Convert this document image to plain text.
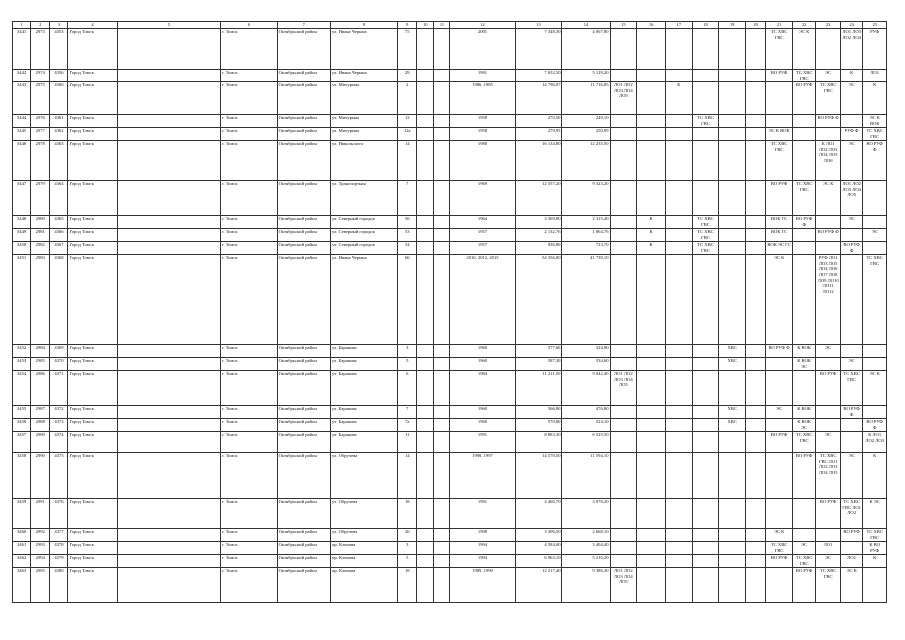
1	2	3	4	5	6	7	8	9	10	11	12	13	14	15	16	17	18	19	20	21	22	23	24	25
3441	2973	4353	Город Томск		г. Томск	Октябрьский район	ул. Ивана Черных	75			2001	7 348,30	4 067,80							ТС ХВС ГВС	ЭС К		ЛО1 ЛО3 ЛО2 ЛО4	РУФ
3442	2974	4356	Город Томск		г. Томск	Октябрьский район	ул. Ивана Черных	29			1991	7 652,50	5 129,20							ВО РУФ	ТС ХВС ГВС	ЭС	К	ЛО1
3443	2975	4360	Город Томск		г. Томск	Октябрьский район	ул. Мичурина	2			1986, 1985	14 796,07	11 716,85	ЛО1 ЛО2 ЛО3 ЛО4 ЛО5		К					ВО РУФ	ТС ХВС ГВС	ЭС	К
3444	2976	4361	Город Томск		г. Томск	Октябрьский район	ул. Мичурина	12			1958	270,50	249,10				ТС ХВС ГВС					ВО РУФ Ф		ЭС К ВОК
3445	2977	4362	Город Томск		г. Томск	Октябрьский район	ул. Мичурина	12а			1958	279,95	250,99							ЭС К ВОК			РУФ Ф	ТС ХВС ГВС
3446	2978	4363	Город Томск		г. Томск	Октябрьский район	ул. Никольского	14			1980	16 134,80	12 235,50							ТС ХВС ГВС		К ЛО1 ЛО2 ЛО3 ЛО4 ЛО5 ЛО6	ЭС	ВО РУФ Ф
3447	2979	4364	Город Томск		г. Томск	Октябрьский район	ул. Транспортная	7			1969	12 557,20	9 323,20							ВО РУФ	ТС ХВС ГВС	ЭС К	ЛО1 ЛО2 ЛО3 ЛО4 ЛО5	
3448	2980	4365	Город Томск		г. Томск	Октябрьский район	ул. Северный городок	56			1964	3 369,80	2 315,40		К		ТС ХВС ГВС			ВОК ГС	ВО РУФ Ф		ЭС	
3449	2981	4366	Город Томск		г. Томск	Октябрьский район	ул. Северный городок	53			1957	2 132,76	1 864,76		К		ТС ХВС ГВС			ВОК ГС		ВО РУФ Ф		ЭС
3450	2982	4367	Город Томск		г. Томск	Октябрьский район	ул. Северный городок	54			1957	836,80	723,70		К		ТС ХВС ГВС			ВОК ЭС ГС			ВО РУФ Ф	
3451	2983	4368	Город Томск		г. Томск	Октябрьский район	ул. Ивана Черных	66			2010, 2012, 2015	54 356,00	41 739,10							ЭС К		РУФ ЛО1 ЛО3 ЛО5 ЛО4 ЛО6 ЛО7 ЛО8 ЛО9 ЛО10 ЛО11 ЛО12		ТС ХВС ГВС
3452	2984	4369	Город Томск		г. Томск	Октябрьский район	ул. Баранова	3			1960	577,60	524,90					ХВС		ВО РУФ Ф	К ВОК	ЭС		
3453	2985	4370	Город Томск		г. Томск	Октябрьский район	ул. Баранова	5			1960	587,30	534,60					ХВС			К ВОК ЭС		ЭС	
3454	2986	4371	Город Томск		г. Томск	Октябрьский район	ул. Баранова	6			1984	11 211,50	9 042,40	ЛО1 ЛО2 ЛО3 ЛО4 ЛО5								ВО РУФ	ТС ХВС ГВС	ЭС К
3455	2987	4372	Город Томск		г. Томск	Октябрьский район	ул. Баранова	7			1960	566,80	476,80					ХВС		ЭС	К ВОК		ВО РУФ Ф	
3456	2988	4373	Город Томск		г. Томск	Октябрьский район	ул. Баранова	7а			1960	570,80	524,10					ХВС			К ВОК ЭС			ВО РУФ Ф
3457	2989	4374	Город Томск		г. Томск	Октябрьский район	ул. Баранова	11			1991	8 883,30	6 525,50							ВО РУФ	ТС ХВС ГВС	ЭС		К ЛО1 ЛО2 ЛО3
3458	2990	4375	Город Томск		г. Томск	Октябрьский район	ул. Обручева	14			1998, 1997	14 570,50	11 594,10								ВО РУФ	ТС ХВС ГВС ЛО1 ЛО2 ЛО3 ЛО4 ЛО5	ЭС	К
3459	2991	4376	Город Томск		г. Томск	Октябрьский район	ул. Обручева	18			1991	4 460,70	3 078,20									ВО РУФ	ТС ХВС ГВС ЛО1 ЛО2	К ЭС
3460	2992	4377	Город Томск		г. Томск	Октябрьский район	ул. Обручева	26			1998	3 306,50	2 668,10							ЭС К			ВО РУФ	ТС ХВС ГВС
3461	2993	4378	Город Томск		г. Томск	Октябрьский район	пр. Кленова	3			1994	4 584,00	3 404,40							ТС ХВС ГВС	ЭС	ЛО1		К ВО РУФ
3462	2994	4379	Город Томск		г. Томск	Октябрьский район	пр. Кленова	5			1994	6 963,10	5 210,20							ВО РУФ	ТС ХВС ГВС	ЭС	ЛО1	К
3463	2995	4380	Город Томск		г. Томск	Октябрьский район	пр. Кленова	18			1989, 1990	12 217,40	9 386,30	ЛО1 ЛО2 ЛО3 ЛО4 ЛО5							ВО РУФ	ТС ХВС ГВС	ЭС К	
